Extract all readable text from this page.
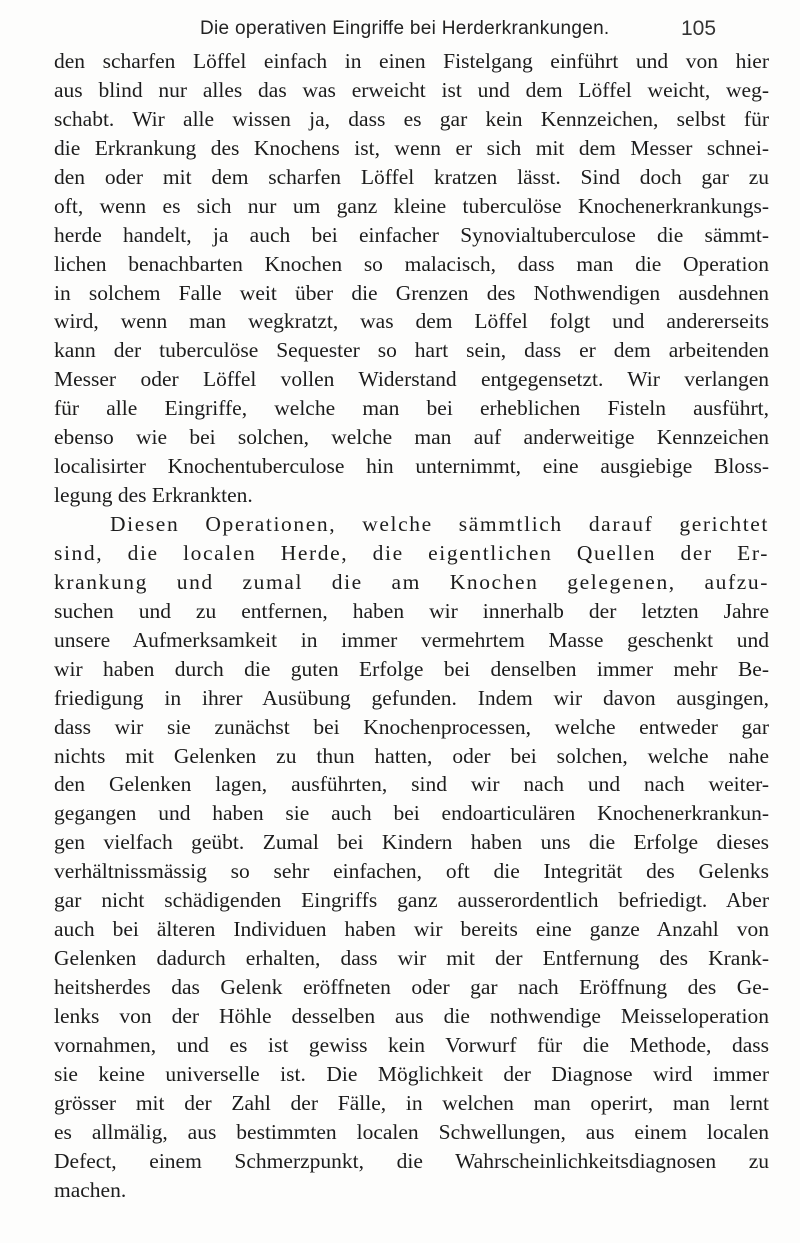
Die operativen Eingriffe bei Herderkrankungen.	105
den scharfen Löffel einfach in einen Fistelgang einführt und von hier
aus blind nur alles das was erweicht ist und dem Löffel weicht, weg-
schabt. Wir alle wissen ja, dass es gar kein Kennzeichen, selbst für
die Erkrankung des Knochens ist, wenn er sich mit dem Messer schnei-
den oder mit dem scharfen Löffel kratzen lässt. Sind doch gar zu
oft, wenn es sich nur um ganz kleine tuberculöse Knochenerkrankungs-
herde handelt, ja auch bei einfacher Synovialtuberculose die sämmt-
lichen benachbarten Knochen so malacisch, dass man die Operation
in solchem Falle weit über die Grenzen des Nothwendigen ausdehnen
wird, wenn man wegkratzt, was dem Löffel folgt und andererseits
kann der tuberculöse Sequester so hart sein, dass er dem arbeitenden
Messer oder Löffel vollen Widerstand entgegensetzt. Wir verlangen
für alle Eingriffe, welche man bei erheblichen Fisteln ausführt,
ebenso wie bei solchen, welche man auf anderweitige Kennzeichen
localisirter Knochentuberculose hin unternimmt, eine ausgiebige Bloss-
legung des Erkrankten.
Diesen Operationen, welche sämmtlich darauf gerichtet
sind, die localen Herde, die eigentlichen Quellen der Er-
krankung und zumal die am Knochen gelegenen, aufzu-
suchen und zu entfernen, haben wir innerhalb der letzten Jahre
unsere Aufmerksamkeit in immer vermehrtem Masse geschenkt und
wir haben durch die guten Erfolge bei denselben immer mehr Be-
friedigung in ihrer Ausübung gefunden. Indem wir davon ausgingen,
dass wir sie zunächst bei Knochenprocessen, welche entweder gar
nichts mit Gelenken zu thun hatten, oder bei solchen, welche nahe
den Gelenken lagen, ausführten, sind wir nach und nach weiter-
gegangen und haben sie auch bei endoarticulären Knochenerkrankun-
gen vielfach geübt. Zumal bei Kindern haben uns die Erfolge dieses
verhältnissmässig so sehr einfachen, oft die Integrität des Gelenks
gar nicht schädigenden Eingriffs ganz ausserordentlich befriedigt. Aber
auch bei älteren Individuen haben wir bereits eine ganze Anzahl von
Gelenken dadurch erhalten, dass wir mit der Entfernung des Krank-
heitsherdes das Gelenk eröffneten oder gar nach Eröffnung des Ge-
lenks von der Höhle desselben aus die nothwendige Meisseloperation
vornahmen, und es ist gewiss kein Vorwurf für die Methode, dass
sie keine universelle ist. Die Möglichkeit der Diagnose wird immer
grösser mit der Zahl der Fälle, in welchen man operirt, man lernt
es allmälig, aus bestimmten localen Schwellungen, aus einem localen
Defect, einem Schmerzpunkt, die Wahrscheinlichkeitsdiagnosen zu
machen.
